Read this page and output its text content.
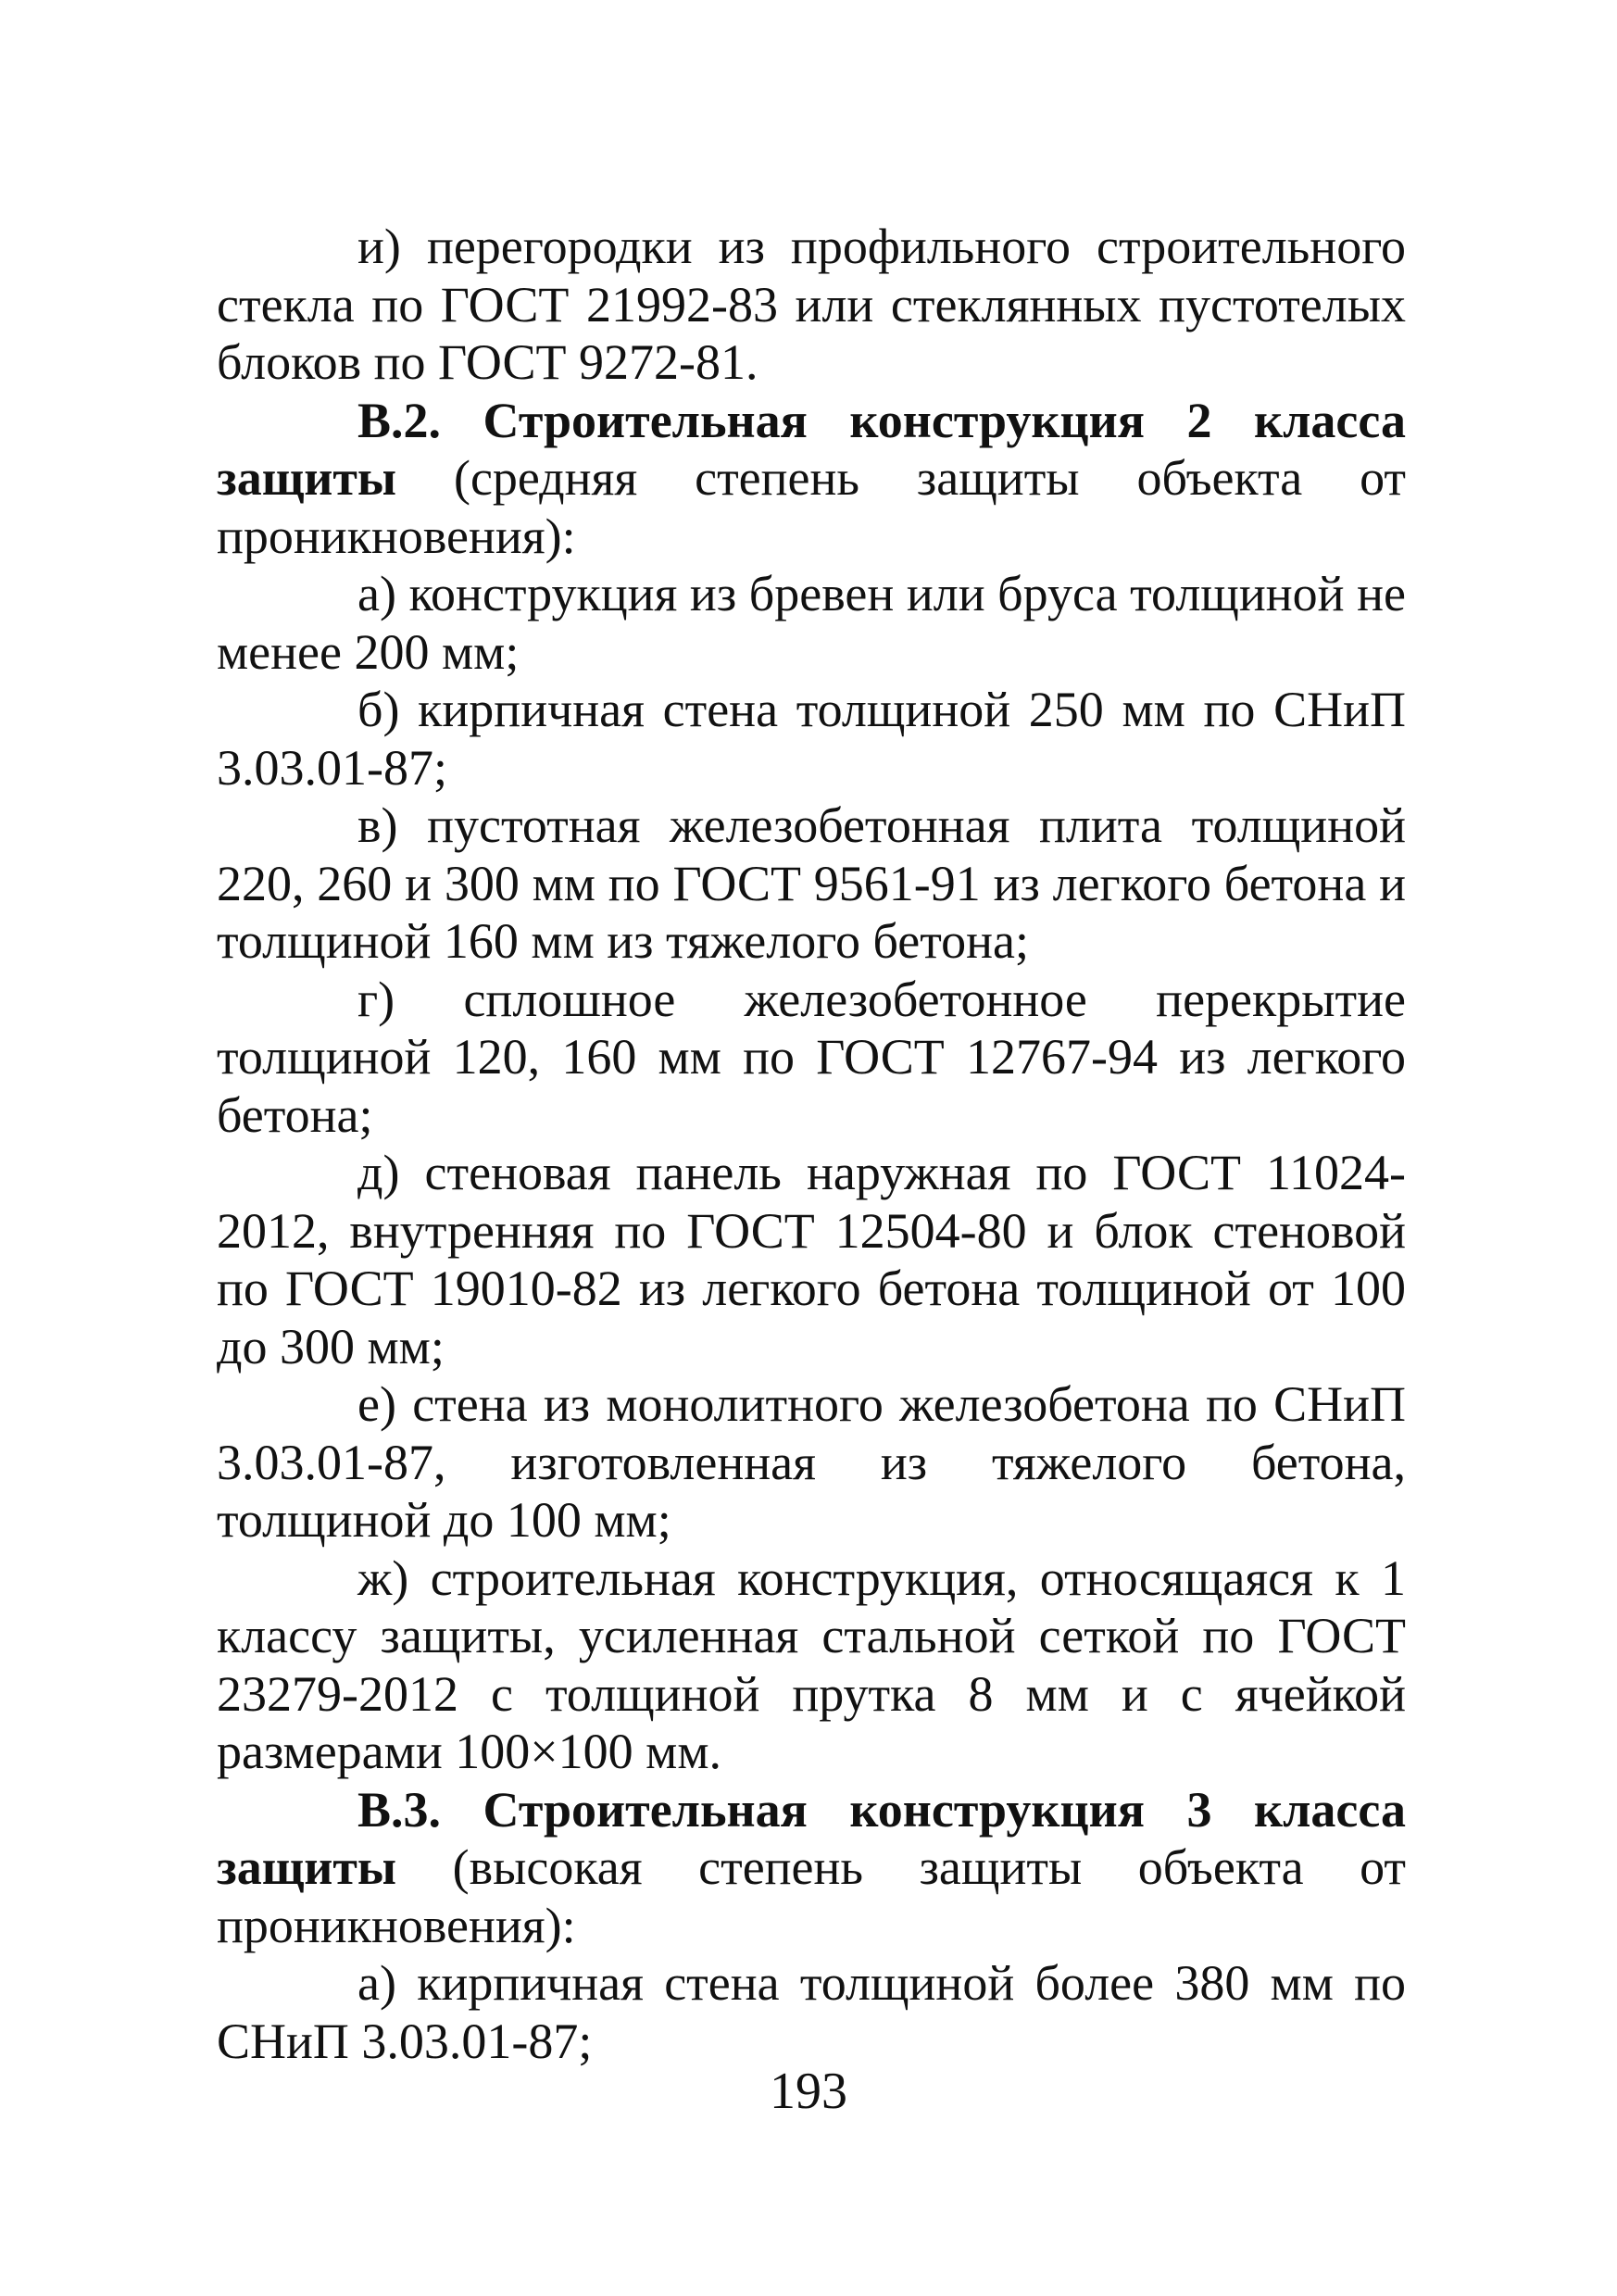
и) перегородки из профильного строительного стекла по ГОСТ 21992-83 или стеклянных пустотелых блоков по ГОСТ 9272-81.

В.2. Строительная конструкция 2 класса защиты (средняя степень защиты объекта от проникновения):

а) конструкция из бревен или бруса толщиной не менее 200 мм;

б) кирпичная стена толщиной 250 мм по СНиП 3.03.01-87;

в) пустотная железобетонная плита толщиной 220, 260 и 300 мм по ГОСТ 9561-91 из легкого бетона и толщиной 160 мм из тяжелого бетона;

г) сплошное железобетонное перекрытие толщиной 120, 160 мм по ГОСТ 12767-94 из легкого бетона;

д) стеновая панель наружная по ГОСТ 11024-2012, внутренняя по ГОСТ 12504-80 и блок стеновой по ГОСТ 19010-82 из легкого бетона толщиной от 100 до 300 мм;

е) стена из монолитного железобетона по СНиП 3.03.01-87, изготовленная из тяжелого бетона, толщиной до 100 мм;

ж) строительная конструкция, относящаяся к 1 классу защиты, усиленная стальной сеткой по ГОСТ 23279-2012 с толщиной прутка 8 мм и с ячейкой размерами 100×100 мм.

В.3. Строительная конструкция 3 класса защиты (высокая степень защиты объекта от проникновения):

а) кирпичная стена толщиной более 380 мм по СНиП 3.03.01-87;

193
